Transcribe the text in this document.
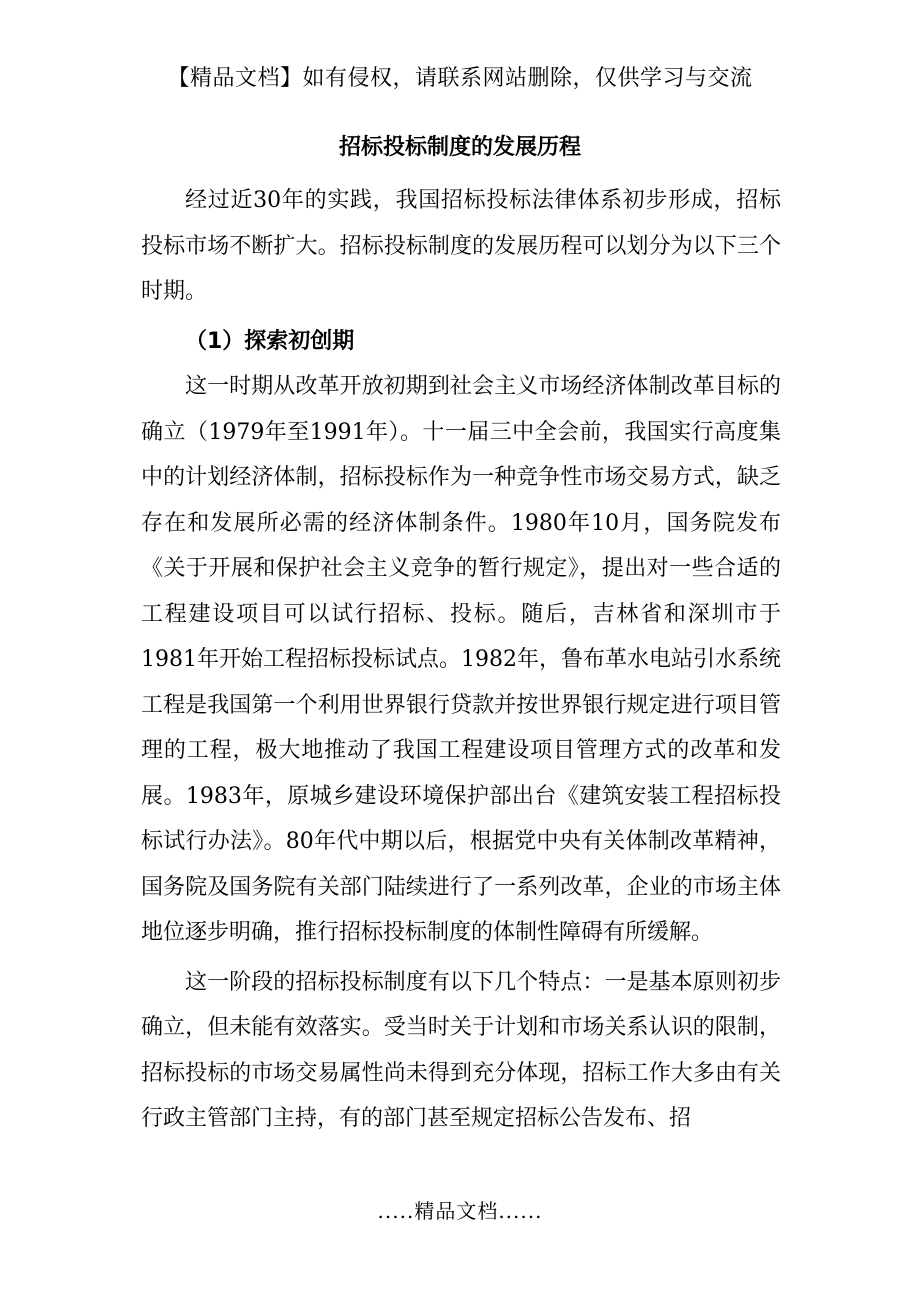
【精品文档】如有侵权，请联系网站删除，仅供学习与交流
招标投标制度的发展历程

经过近30年的实践，我国招标投标法律体系初步形成，招标投标市场不断扩大。招标投标制度的发展历程可以划分为以下三个时期。

（1）探索初创期

这一时期从改革开放初期到社会主义市场经济体制改革目标的确立（1979年至1991年）。十一届三中全会前，我国实行高度集中的计划经济体制，招标投标作为一种竞争性市场交易方式，缺乏存在和发展所必需的经济体制条件。1980年10月，国务院发布《关于开展和保护社会主义竞争的暂行规定》，提出对一些合适的工程建设项目可以试行招标、投标。随后，吉林省和深圳市于1981年开始工程招标投标试点。1982年，鲁布革水电站引水系统工程是我国第一个利用世界银行贷款并按世界银行规定进行项目管理的工程，极大地推动了我国工程建设项目管理方式的改革和发展。1983年，原城乡建设环境保护部出台《建筑安装工程招标投标试行办法》。80年代中期以后，根据党中央有关体制改革精神，国务院及国务院有关部门陆续进行了一系列改革，企业的市场主体地位逐步明确，推行招标投标制度的体制性障碍有所缓解。

这一阶段的招标投标制度有以下几个特点：一是基本原则初步确立，但未能有效落实。受当时关于计划和市场关系认识的限制，招标投标的市场交易属性尚未得到充分体现，招标工作大多由有关行政主管部门主持，有的部门甚至规定招标公告发布、招

.....精品文档......
